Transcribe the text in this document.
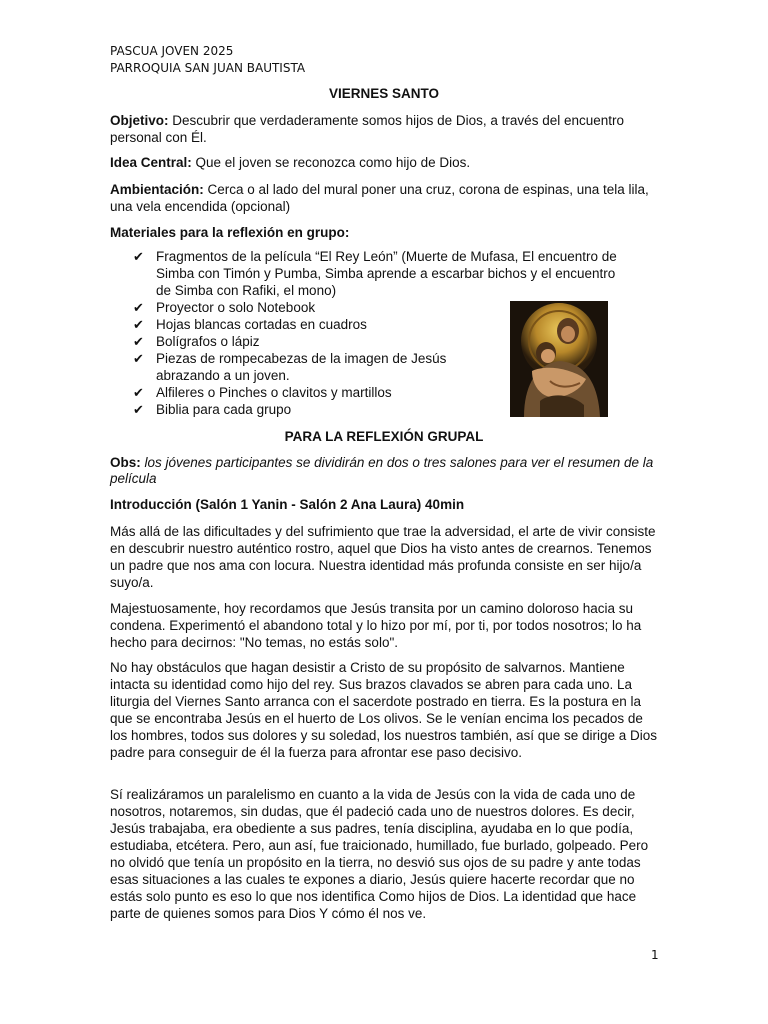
PASCUA JOVEN 2025
PARROQUIA SAN JUAN BAUTISTA
VIERNES SANTO

Objetivo: Descubrir que verdaderamente somos hijos de Dios, a través del encuentro personal con Él.

Idea Central: Que el joven se reconozca como hijo de Dios.

Ambientación: Cerca o al lado del mural poner una cruz, corona de espinas, una tela lila, una vela encendida (opcional)

Materiales para la reflexión en grupo:

✔ Fragmentos de la película “El Rey León” (Muerte de Mufasa, El encuentro de Simba con Timón y Pumba, Simba aprende a escarbar bichos y el encuentro de Simba con Rafiki, el mono)
✔ Proyector o solo Notebook
✔ Hojas blancas cortadas en cuadros
✔ Bolígrafos o lápiz
✔ Piezas de rompecabezas de la imagen de Jesús abrazando a un joven.
✔ Alfileres o Pinches o clavitos y martillos
✔ Biblia para cada grupo
PARA LA REFLEXIÓN GRUPAL
Obs: los jóvenes participantes se dividirán en dos o tres salones para ver el resumen de la película
Introducción (Salón 1 Yanin - Salón 2 Ana Laura) 40min

Más allá de las dificultades y del sufrimiento que trae la adversidad, el arte de vivir consiste en descubrir nuestro auténtico rostro, aquel que Dios ha visto antes de crearnos. Tenemos un padre que nos ama con locura. Nuestra identidad más profunda consiste en ser hijo/a suyo/a.

Majestuosamente, hoy recordamos que Jesús transita por un camino doloroso hacia su condena. Experimentó el abandono total y lo hizo por mí, por ti, por todos nosotros; lo ha hecho para decirnos: "No temas, no estás solo".

No hay obstáculos que hagan desistir a Cristo de su propósito de salvarnos. Mantiene intacta su identidad como hijo del rey. Sus brazos clavados se abren para cada uno. La liturgia del Viernes Santo arranca con el sacerdote postrado en tierra. Es la postura en la que se encontraba Jesús en el huerto de Los olivos. Se le venían encima los pecados de los hombres, todos sus dolores y su soledad, los nuestros también, así que se dirige a Dios padre para conseguir de él la fuerza para afrontar ese paso decisivo.

Sí realizáramos un paralelismo en cuanto a la vida de Jesús con la vida de cada uno de nosotros, notaremos, sin dudas, que él padeció cada uno de nuestros dolores. Es decir, Jesús trabajaba, era obediente a sus padres, tenía disciplina, ayudaba en lo que podía, estudiaba, etcétera. Pero, aun así, fue traicionado, humillado, fue burlado, golpeado. Pero no olvidó que tenía un propósito en la tierra, no desvió sus ojos de su padre y ante todas esas situaciones a las cuales te expones a diario, Jesús quiere hacerte recordar que no estás solo punto es eso lo que nos identifica Como hijos de Dios. La identidad que hace parte de quienes somos para Dios Y cómo él nos ve.

1
